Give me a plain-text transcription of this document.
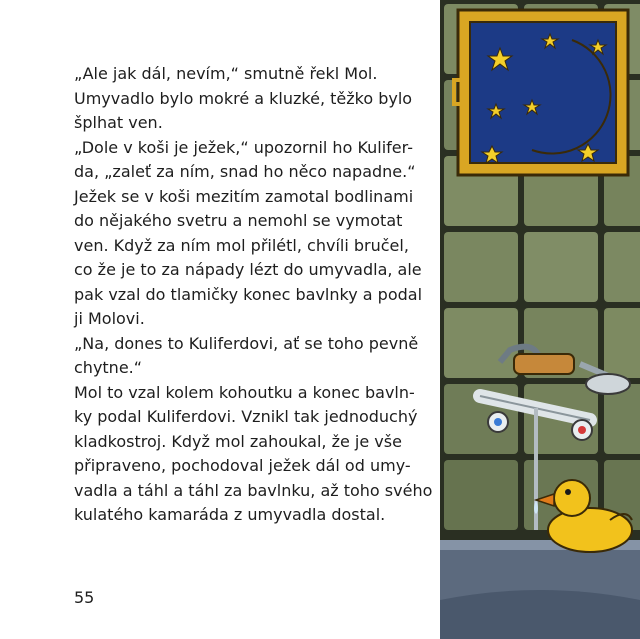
„Ale jak dál, nevím,“ smutně řekl Mol.
Umyvadlo bylo mokré a kluzké, těžko bylo
šplhat ven.
„Dole v koši je ježek,“ upozornil ho Kulifer-
da, „zaleť za ním, snad ho něco napadne.“
Ježek se v koši mezitím zamotal bodlinami
do nějakého svetru a nemohl se vymotat
ven. Když za ním mol přilétl, chvíli bručel,
co že je to za nápady lézt do umyvadla, ale
pak vzal do tlamičky konec bavlnky a podal
ji Molovi.
„Na, dones to Kuliferdovi, ať se toho pevně
chytne.“
Mol to vzal kolem kohoutku a konec bavln-
ky podal Kuliferdovi. Vznikl tak jednoduchý
kladkostroj. Když mol zahoukal, že je vše
připraveno, pochodoval ježek dál od umy-
vadla a táhl a táhl za bavlnku, až toho svého
kulatého kamaráda z umyvadla dostal.
55
